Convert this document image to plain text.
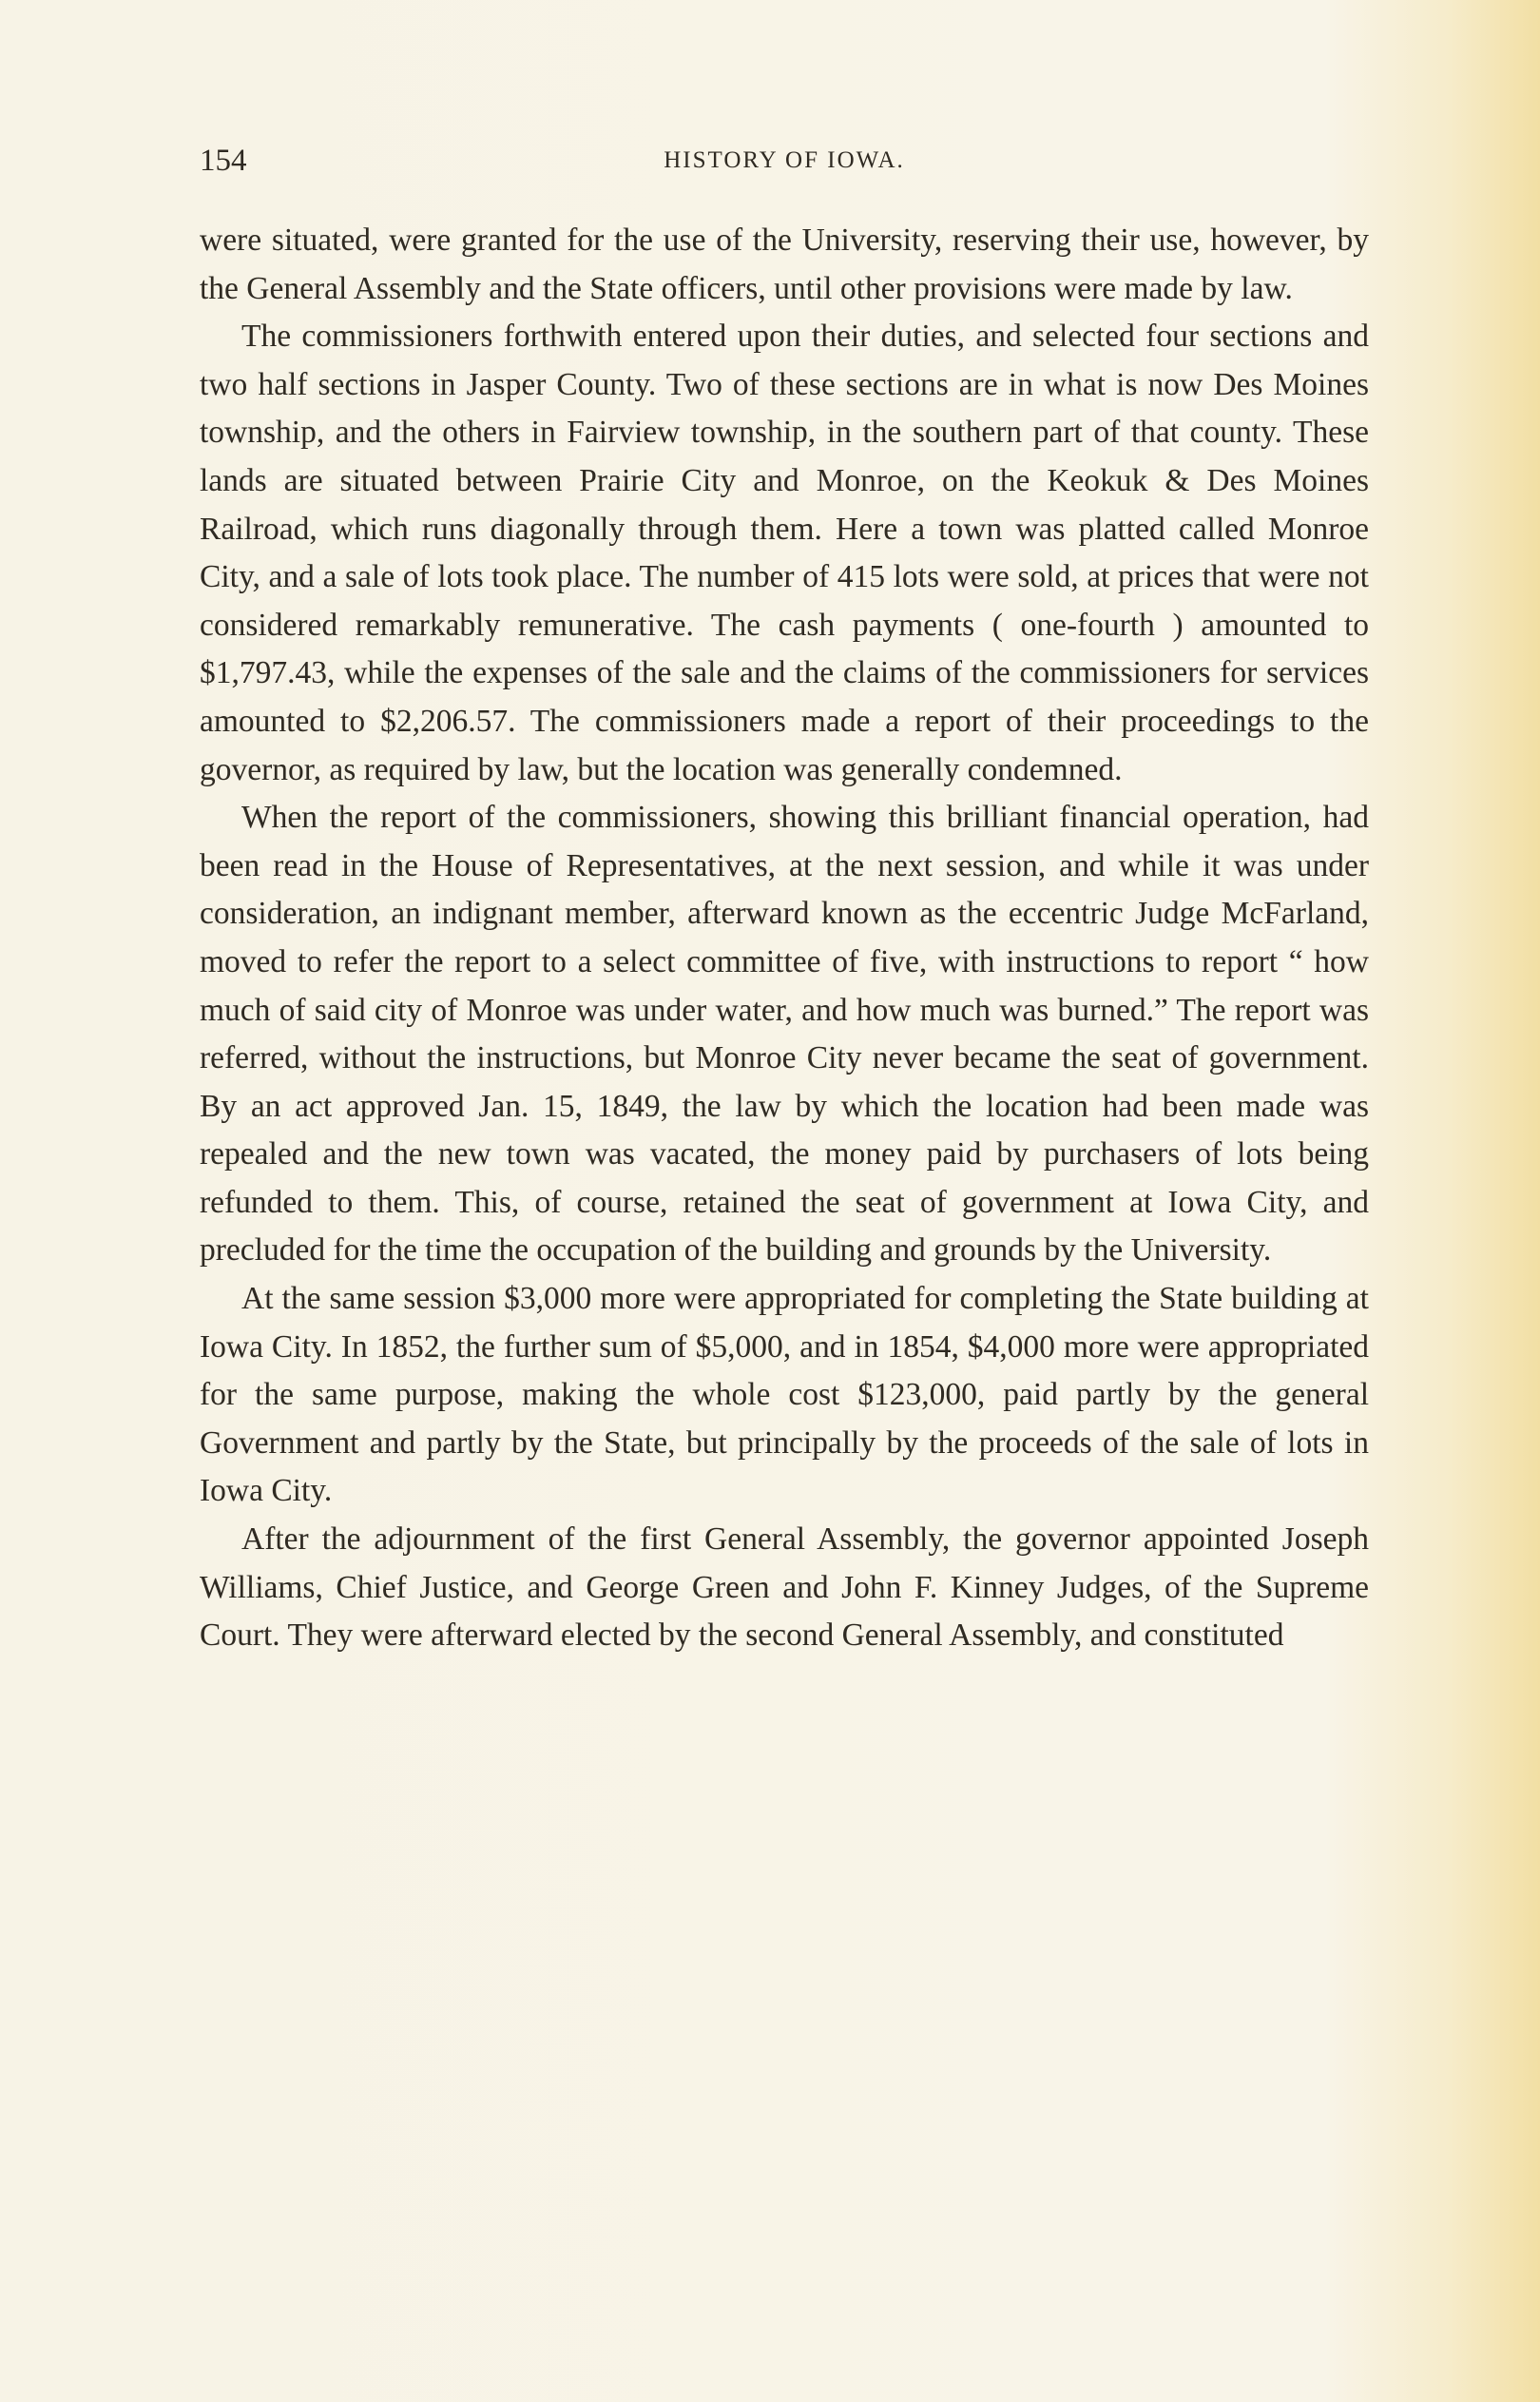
154	HISTORY OF IOWA.

were situated, were granted for the use of the University, reserving their use, however, by the General Assembly and the State officers, until other provisions were made by law.

The commissioners forthwith entered upon their duties, and selected four sections and two half sections in Jasper County. Two of these sections are in what is now Des Moines township, and the others in Fairview township, in the southern part of that county. These lands are situated between Prairie City and Monroe, on the Keokuk & Des Moines Railroad, which runs diagonally through them. Here a town was platted called Monroe City, and a sale of lots took place. The number of 415 lots were sold, at prices that were not considered remarkably remunerative. The cash payments ( one-fourth ) amounted to $1,797.43, while the expenses of the sale and the claims of the commissioners for services amounted to $2,206.57. The commissioners made a report of their proceedings to the governor, as required by law, but the location was generally condemned.

When the report of the commissioners, showing this brilliant financial operation, had been read in the House of Representatives, at the next session, and while it was under consideration, an indignant member, afterward known as the eccentric Judge McFarland, moved to refer the report to a select committee of five, with instructions to report “ how much of said city of Monroe was under water, and how much was burned.” The report was referred, without the instructions, but Monroe City never became the seat of government. By an act approved Jan. 15, 1849, the law by which the location had been made was repealed and the new town was vacated, the money paid by purchasers of lots being refunded to them. This, of course, retained the seat of government at Iowa City, and precluded for the time the occupation of the building and grounds by the University.

At the same session $3,000 more were appropriated for completing the State building at Iowa City. In 1852, the further sum of $5,000, and in 1854, $4,000 more were appropriated for the same purpose, making the whole cost $123,000, paid partly by the general Government and partly by the State, but principally by the proceeds of the sale of lots in Iowa City.

After the adjournment of the first General Assembly, the governor appointed Joseph Williams, Chief Justice, and George Green and John F. Kinney Judges, of the Supreme Court. They were afterward elected by the second General Assembly, and constituted
